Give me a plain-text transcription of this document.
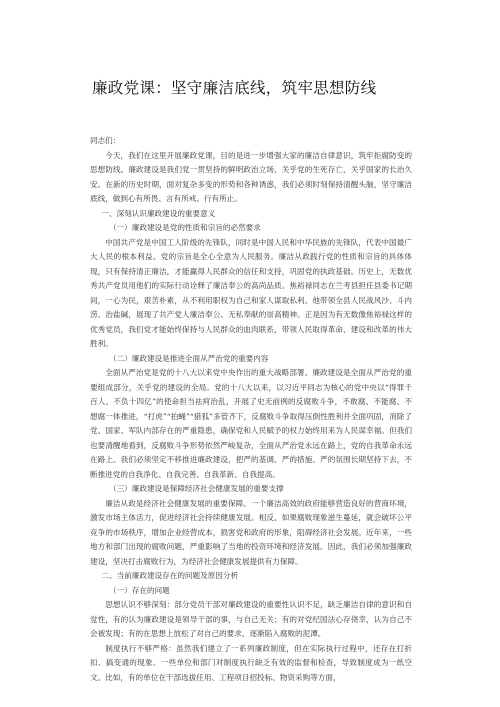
廉政党课：坚守廉洁底线，筑牢思想防线

同志们：

今天，我们在这里开展廉政党课，目的是进一步增强大家的廉洁自律意识，筑牢拒腐防变的思想防线。廉政建设是我们党一贯坚持的鲜明政治立场，关乎党的生死存亡，关乎国家的长治久安。在新的历史时期，面对复杂多变的形势和各种诱惑，我们必须时刻保持清醒头脑，坚守廉洁底线，做到心有所畏、言有所戒、行有所止。

一、深刻认识廉政建设的重要意义

（一）廉政建设是党的性质和宗旨的必然要求

中国共产党是中国工人阶级的先锋队，同时是中国人民和中华民族的先锋队，代表中国最广大人民的根本利益。党的宗旨是全心全意为人民服务。廉洁从政践行党的性质和宗旨的具体体现，只有保持清正廉洁，才能赢得人民群众的信任和支持，巩固党的执政基础。历史上，无数优秀共产党员用他们的实际行动诠释了廉洁奉公的高尚品质。焦裕禄同志在兰考县担任县委书记期间，一心为民，艰苦朴素，从不利用职权为自己和家人谋取私利。他带领全县人民战风沙、斗内涝、治盐碱，展现了共产党人廉洁奉公、无私奉献的崇高精神。正是因为有无数像焦裕禄这样的优秀党员，我们党才能始终保持与人民群众的血肉联系，带领人民取得革命、建设和改革的伟大胜利。

（二）廉政建设是推进全面从严治党的重要内容

全面从严治党是党的十八大以来党中央作出的重大战略部署。廉政建设是全面从严治党的重要组成部分，关乎党的建设的全局。党的十八大以来，以习近平同志为核心的党中央以“得罪千百人、不负十四亿”的使命担当祛疴治乱，开展了史无前例的反腐败斗争，不敢腐、不能腐、不想腐一体推进，“打虎”“拍蝇”“猎狐”多管齐下，反腐败斗争取得压倒性胜利并全面巩固，消除了党、国家、军队内部存在的严重隐患，确保党和人民赋予的权力始终用来为人民谋幸福。但我们也要清醒地看到，反腐败斗争形势依然严峻复杂，全面从严治党永远在路上，党的自我革命永远在路上。我们必须坚定不移推进廉政建设，把严的基调、严的措施、严的氛围长期坚持下去，不断推进党的自我净化、自我完善、自我革新、自我提高。

（三）廉政建设是保障经济社会健康发展的重要支撑

廉洁从政是经济社会健康发展的重要保障。一个廉洁高效的政府能够营造良好的营商环境，激发市场主体活力，促进经济社会持续健康发展。相反，如果腐败现象滋生蔓延，就会破坏公平竞争的市场秩序，增加企业经营成本，损害党和政府的形象，阻碍经济社会发展。近年来，一些地方和部门出现的腐败问题，严重影响了当地的投资环境和经济发展。因此，我们必须加强廉政建设，坚决打击腐败行为，为经济社会健康发展提供有力保障。

二、当前廉政建设存在的问题及原因分析

（一）存在的问题

思想认识不够深刻：部分党员干部对廉政建设的重要性认识不足，缺乏廉洁自律的意识和自觉性，有的认为廉政建设是领导干部的事，与自己无关；有的对党纪国法心存侥幸，认为自己不会被发现；有的在思想上放松了对自己的要求，逐渐陷入腐败的泥潭。

制度执行不够严格：虽然我们建立了一系列廉政制度，但在实际执行过程中，还存在打折扣、搞变通的现象。一些单位和部门对制度执行缺乏有效的监督和检查，导致制度成为一纸空文。比如，有的单位在干部选拔任用、工程项目招投标、物资采购等方面，
